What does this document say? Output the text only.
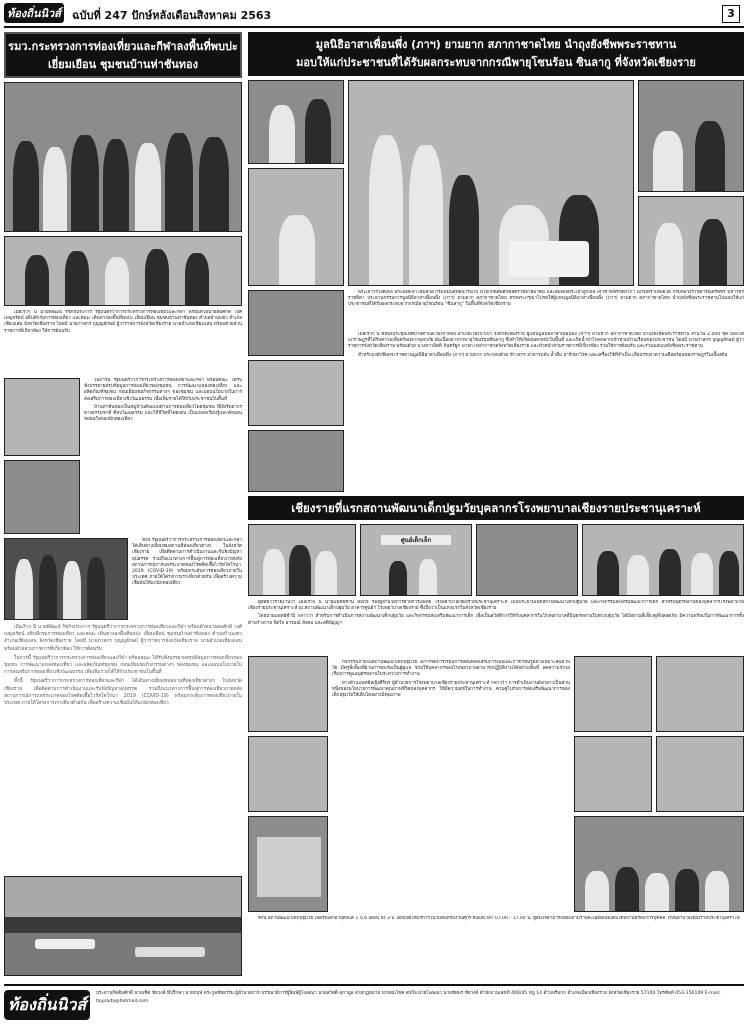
ท้องถิ่นนิวส์ ฉบับที่ 247 ปักษ์หลังเดือนสิงหาคม 2563	3
รมว.กระทรวงการท่องเที่ยวและกีฬาลงพื้นที่พบปะ
เยี่ยมเยือน ชุมชนบ้านห่าชันทอง

เมื่อเร็วๆ นี้ นายพิพัฒน์ รัชกิจประการ รัฐมนตรีว่าการกระทรวงการท่องเที่ยวและกีฬา พร้อมด้วยนายสมศักดิ์ วงศ์เบญจรัตน์ อธิบดีกรมการท่องเที่ยว และคณะ เดินทางลงพื้นที่พบปะ เยี่ยมเยือน ชุมชนบ้านห่าชันทอง ตำบลบ้านแซว อำเภอเชียงแสน จังหวัดเชียงราย โดยมี นายภาสกร บุญญลักษม์ ผู้ว่าราชการจังหวัดเชียงราย นายอำเภอเชียงแสน พร้อมด้วยส่วนราชการที่เกี่ยวข้อง ให้การต้อนรับ

ในการนี้ รัฐมนตรีว่าการกระทรวงการท่องเที่ยวและกีฬา พร้อมคณะ ได้รับฟังบรรยายสรุปข้อมูลการท่องเที่ยวของชุมชน การพัฒนาแหล่งท่องเที่ยว และผลิตภัณฑ์ชุมชน ก่อนเยี่ยมชมกิจกรรมต่างๆ ของชุมชน และมอบนโยบายในการส่งเสริมการท่องเที่ยวเชิงวัฒนธรรม เพื่อเพิ่มรายได้ให้กับประชาชนในพื้นที่

บ้านห่าชันทองเป็นหมู่บ้านต้นแบบด้านการท่องเที่ยวโดยชุมชน ที่มีทรัพยากรทางธรรมชาติ ศิลปวัฒนธรรม และวิถีชีวิตที่โดดเด่น เป็นแหล่งเรียนรู้และพักผ่อนหย่อนใจของนักท่องเที่ยว

ทั้งนี้ รัฐมนตรีว่าการกระทรวงการท่องเที่ยวและกีฬา ได้เดินทางเยี่ยมชมสถานที่ท่องเที่ยวต่างๆ ในจังหวัดเชียงราย เพื่อติดตามการดำเนินงานและรับฟังปัญหาอุปสรรค รวมถึงแนวทางการฟื้นฟูการท่องเที่ยวภายหลังสถานการณ์การแพร่ระบาดของโรคติดเชื้อไวรัสโคโรนา 2019 (COVID-19) พร้อมกระตุ้นการท่องเที่ยวภายในประเทศ ภายใต้โครงการเราเที่ยวด้วยกัน เพื่อสร้างความเชื่อมั่นให้แก่นักท่องเที่ยว

เมื่อเร็วๆ นี้ นายพิพัฒน์ รัชกิจประการ รัฐมนตรีว่าการกระทรวงการท่องเที่ยวและกีฬา พร้อมด้วยนายสมศักดิ์ วงศ์เบญจรัตน์ อธิบดีกรมการท่องเที่ยว และคณะ เดินทางลงพื้นที่พบปะ เยี่ยมเยือน ชุมชนบ้านห่าชันทอง ตำบลบ้านแซว อำเภอเชียงแสน จังหวัดเชียงราย โดยมี นายภาสกร บุญญลักษม์ ผู้ว่าราชการจังหวัดเชียงราย นายอำเภอเชียงแสน พร้อมด้วยส่วนราชการที่เกี่ยวข้อง ให้การต้อนรับ

ในการนี้ รัฐมนตรีว่าการกระทรวงการท่องเที่ยวและกีฬา พร้อมคณะ ได้รับฟังบรรยายสรุปข้อมูลการท่องเที่ยวของชุมชน การพัฒนาแหล่งท่องเที่ยว และผลิตภัณฑ์ชุมชน ก่อนเยี่ยมชมกิจกรรมต่างๆ ของชุมชน และมอบนโยบายในการส่งเสริมการท่องเที่ยวเชิงวัฒนธรรม เพื่อเพิ่มรายได้ให้กับประชาชนในพื้นที่

ทั้งนี้ รัฐมนตรีว่าการกระทรวงการท่องเที่ยวและกีฬา ได้เดินทางเยี่ยมชมสถานที่ท่องเที่ยวต่างๆ ในจังหวัดเชียงราย เพื่อติดตามการดำเนินงานและรับฟังปัญหาอุปสรรค รวมถึงแนวทางการฟื้นฟูการท่องเที่ยวภายหลังสถานการณ์การแพร่ระบาดของโรคติดเชื้อไวรัสโคโรนา 2019 (COVID-19) พร้อมกระตุ้นการท่องเที่ยวภายในประเทศ ภายใต้โครงการเราเที่ยวด้วยกัน เพื่อสร้างความเชื่อมั่นให้แก่นักท่องเที่ยว

มูลนิธิอาสาเพื่อนพึ่ง (ภาฯ) ยามยาก สภากาชาดไทย นำถุงยังชีพพระราชทาน
มอบให้แก่ประชาชนที่ได้รับผลกระทบจากกรณีพายุโซนร้อน ซินลากู ที่จังหวัดเชียงราย

พระเจ้าวรวงศ์เธอ พระองค์เจ้าโสมสวลี กรมหมื่นสุทธนารีนาถ นายกกิตติมศักดิ์สตรีวิทยาสมาคม และสมเด็จพระเจ้าลูกเธอ เจ้าฟ้าพัชรกิติยาภา นเรนทิราเทพยวดี กรมหลวงราชสาริณีสิริพัชร มหาวัชรราชธิดา ประธานกรรมการมูลนิธิอาสาเพื่อนพึ่ง (ภาฯ) ยามยาก สภากาชาดไทย ทรงพระกรุณาโปรดให้ผู้แทนมูลนิธิอาสาเพื่อนพึ่ง (ภาฯ) ยามยาก สภากาชาดไทย นำถุงยังชีพพระราชทานไปมอบให้แก่ประชาชนที่ได้รับผลกระทบจากกรณีพายุโซนร้อน "ซินลากู" ในพื้นที่จังหวัดเชียงราย

เมื่อเร็วๆ นี้ ที่ห้องประชุมเทศบาลตำบลเวียงกาหลง อำเภอเวียงป่าเป้า จังหวัดเชียงราย ผู้แทนมูลนิธิอาสาเพื่อนพึ่ง (ภาฯ) ยามยาก สภากาชาดไทย นำถุงยังชีพพระราชทาน จำนวน 2,000 ชุด มอบให้แก่ราษฎรที่ได้รับความเดือดร้อนจากอุทกภัย อันเนื่องมาจากพายุโซนร้อนซินลากู ซึ่งทำให้เกิดฝนตกหนักในพื้นที่ และเกิดน้ำป่าไหลหลากเข้าท่วมบ้านเรือนของประชาชน โดยมี นายภาสกร บุญญลักษม์ ผู้ว่าราชการจังหวัดเชียงราย พร้อมด้วย นางสาวจิตติ จันทร์ผูก นายก เหล่ากาชาดจังหวัดเชียงราย และหัวหน้าส่วนราชการที่เกี่ยวข้อง ร่วมให้การต้อนรับ และร่วมมอบถุงยังชีพพระราชทาน

สำหรับถุงยังชีพพระราชทานมูลนิธิอาสาเพื่อนพึ่ง (ภาฯ) ยามยาก ประกอบด้วย ข้าวสาร อาหารแห้ง น้ำดื่ม ยารักษาโรค และเครื่องใช้ที่จำเป็น เพื่อบรรเทาความเดือดร้อนของราษฎรในเบื้องต้น

เชียงรายที่แรกสถานพัฒนาเด็กปฐมวัยบุคลากรโรงพยาบาลเชียงรายประชานุเคราะห์
ศูนย์เด็กเล็ก

ผู้สื่อข่าวรายงานว่า เมื่อเร็วๆ นี้ นายแพทย์ชำนิ ลิ้มกิจ รองผู้อำนวยการฝ่ายการแพทย์ โรงพยาบาลเชียงรายประชานุเคราะห์ เป็นประธานเปิดสถานพัฒนาเด็กปฐมวัย และกิจกรรมส่งเสริมพัฒนาการเด็ก สำหรับบุตรหลานของบุคลากรโรงพยาบาลเชียงรายประชานุเคราะห์ ณ สถานพัฒนาเด็กปฐมวัย อาคารศูนย์ฯ โรงพยาบาลเชียงราย ซึ่งถือว่าเป็นแห่งแรกในจังหวัดเชียงราย

โดยนายแพทย์ชำนิ กล่าวว่า สำหรับการดำเนินการสถานพัฒนาเด็กปฐมวัย และกิจกรรมส่งเสริมพัฒนาการเด็ก เพื่อเป็นสวัสดิการให้กับบุคลากรในโรงพยาบาลที่มีบุตรหลานในช่วงปฐมวัย ได้มีสถานที่เลี้ยงดูที่ปลอดภัย มีความพร้อมในการพัฒนาการทั้งด้านร่างกาย จิตใจ อารมณ์ สังคม และสติปัญญา

กิจกรรมภายในสถานพัฒนาเด็กปฐมวัย มีการจัดการเรียนการสอนที่ส่งเสริมการเล่นและการเรียนรู้อย่างเหมาะสมตามวัย มีครูพี่เลี้ยงที่ผ่านการอบรมเป็นผู้ดูแล ช่วยให้บุคลากรของโรงพยาบาลสามารถปฏิบัติงานได้อย่างเต็มที่ ลดความกังวลเรื่องการดูแลบุตรหลานในระหว่างการทำงาน

ทางด้านแพทย์หญิงศิริพร ผู้อำนวยการโรงพยาบาลเชียงรายประชานุเคราะห์ กล่าวว่า การดำเนินงานดังกล่าวเป็นส่วนหนึ่งของนโยบายการพัฒนาคุณภาพชีวิตของบุคลากร ให้มีความสุขในการทำงาน ควบคู่ไปกับการส่งเสริมพัฒนาการของเด็กปฐมวัยให้เติบโตอย่างมีคุณภาพ

ทั้งนี้ สถานพัฒนาเด็กปฐมวัย เปิดรับเด็กอายุตั้งแต่ 1 ปี 6 เดือน ถึง 3 ปี โดยเปิดให้บริการในวันจันทร์ถึงวันศุกร์ ตั้งแต่เวลา 07.00 - 17.00 น. ผู้สนใจสามารถสอบถามรายละเอียดเพิ่มเติมได้ที่งานทรัพยากรบุคคล โรงพยาบาลเชียงรายประชานุเคราะห์

ท้องถิ่นนิวส์
ประธานกิตติมศักดิ์ นายเชิด ชัยวงค์ ที่ปรึกษา นายกฤษ์ ตระกูลชัยธรรม ผู้อำนวยการ-บรรณาธิการผู้พิมพ์ผู้โฆษณา นายสวัสดิ์ สุภามูล ฝ่ายกฎหมาย นายสมโชค สุขใจ ฝ่ายโฆษณา นายชัยพร ชัยวงค์ สำนักงานเลขที่ 400/45 หมู่ 14 ตำบลริมกก อำเภอเมืองเชียงราย จังหวัดเชียงราย 57100 โทรศัพท์ 053-150149 E-mail: tayjrada@hotmail.com
